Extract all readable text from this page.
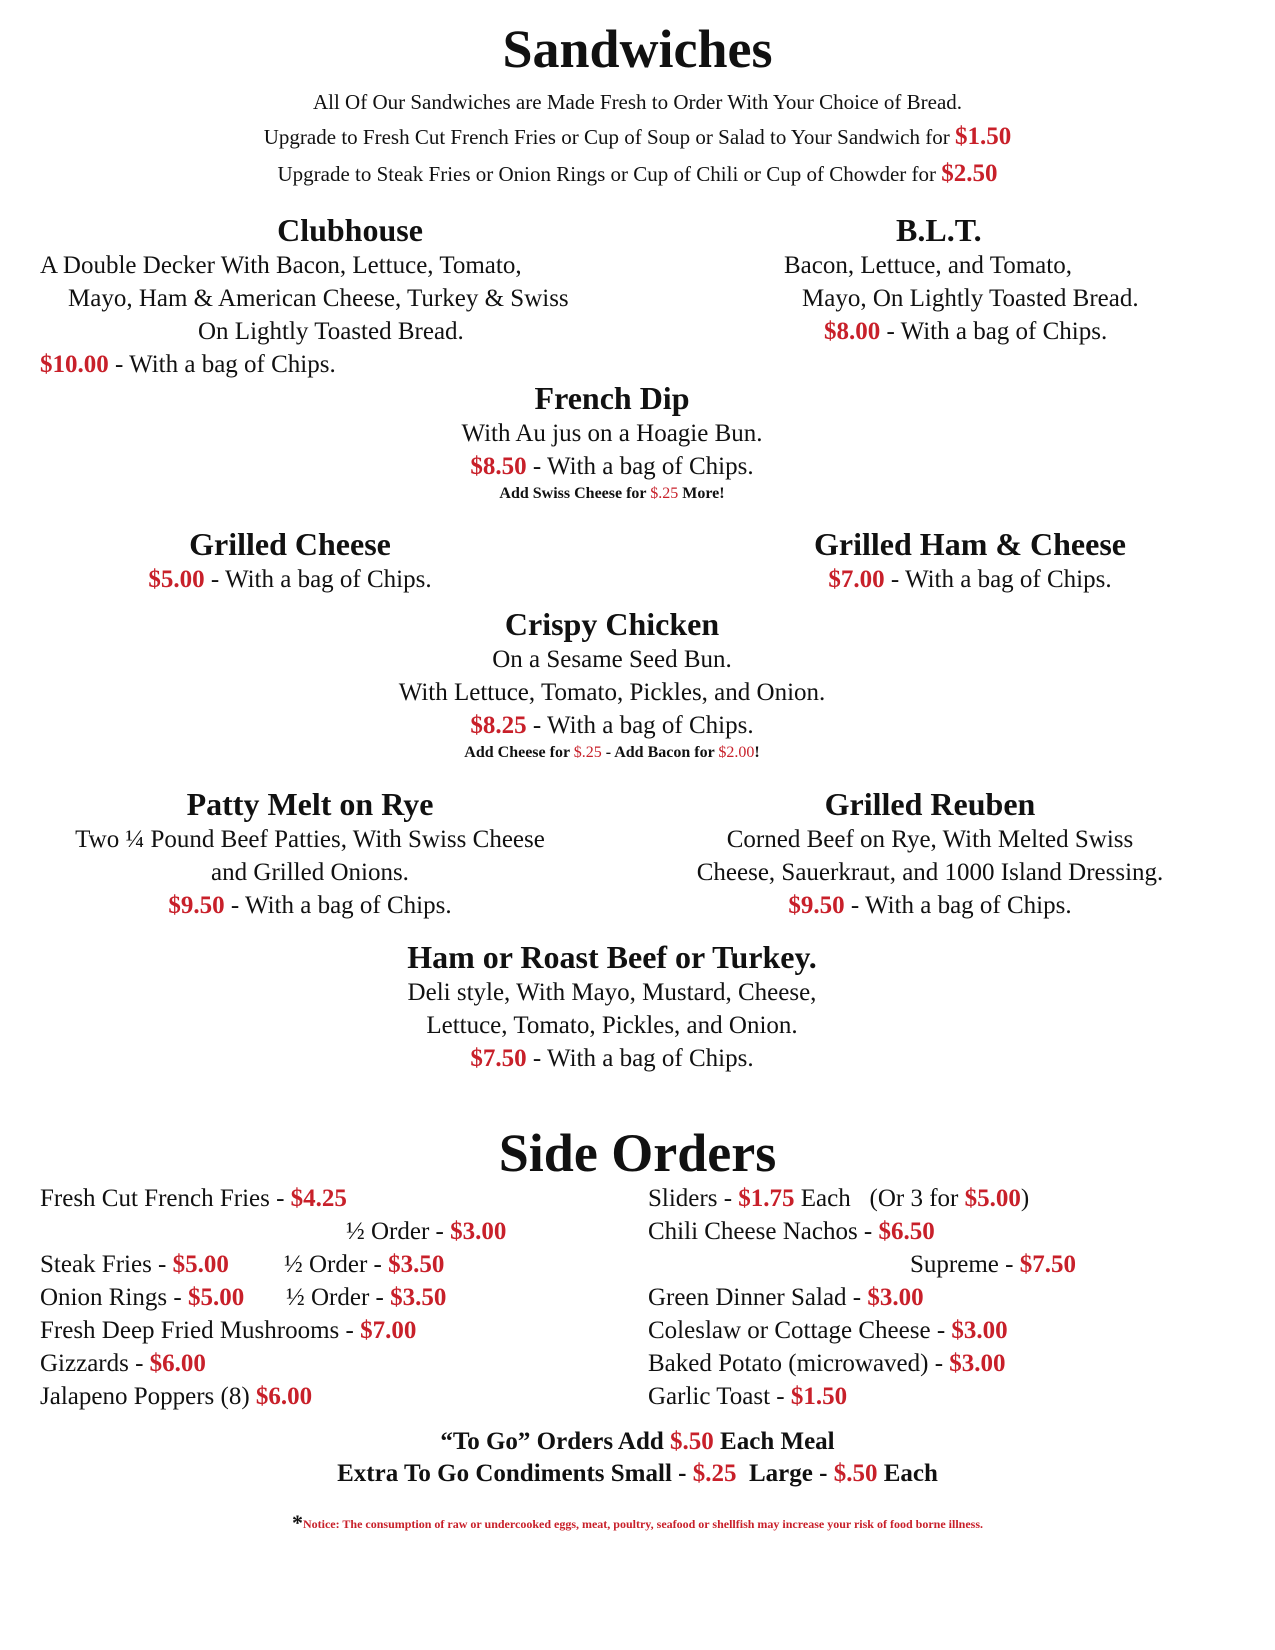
Sandwiches
All Of Our Sandwiches are Made Fresh to Order With Your Choice of Bread.
Upgrade to Fresh Cut French Fries or Cup of Soup or Salad to Your Sandwich for $1.50
Upgrade to Steak Fries or Onion Rings or Cup of Chili or Cup of Chowder for $2.50
Clubhouse
A Double Decker With Bacon, Lettuce, Tomato,
Mayo, Ham & American Cheese, Turkey & Swiss
On Lightly Toasted Bread.
$10.00 - With a bag of Chips.
B.L.T.
Bacon, Lettuce, and Tomato,
Mayo, On Lightly Toasted Bread.
$8.00 - With a bag of Chips.
French Dip
With Au jus on a Hoagie Bun.
$8.50 - With a bag of Chips.
Add Swiss Cheese for $.25 More!
Grilled Cheese
$5.00 - With a bag of Chips.
Grilled Ham & Cheese
$7.00 - With a bag of Chips.
Crispy Chicken
On a Sesame Seed Bun.
With Lettuce, Tomato, Pickles, and Onion.
$8.25 - With a bag of Chips.
Add Cheese for $.25 - Add Bacon for $2.00!
Patty Melt on Rye
Two ¼ Pound Beef Patties, With Swiss Cheese
and Grilled Onions.
$9.50 - With a bag of Chips.
Grilled Reuben
Corned Beef on Rye, With Melted Swiss
Cheese, Sauerkraut, and 1000 Island Dressing.
$9.50 - With a bag of Chips.
Ham or Roast Beef or Turkey.
Deli style, With Mayo, Mustard, Cheese,
Lettuce, Tomato, Pickles, and Onion.
$7.50 - With a bag of Chips.
Side Orders
Fresh Cut French Fries - $4.25
½ Order - $3.00
Steak Fries - $5.00 ½ Order - $3.50
Onion Rings - $5.00 ½ Order - $3.50
Fresh Deep Fried Mushrooms - $7.00
Gizzards - $6.00
Jalapeno Poppers (8) $6.00
Sliders - $1.75 Each   (Or 3 for $5.00)
Chili Cheese Nachos - $6.50
Supreme - $7.50
Green Dinner Salad - $3.00
Coleslaw or Cottage Cheese - $3.00
Baked Potato (microwaved) - $3.00
Garlic Toast - $1.50
“To Go” Orders Add $.50 Each Meal
Extra To Go Condiments Small - $.25  Large - $.50 Each
*Notice: The consumption of raw or undercooked eggs, meat, poultry, seafood or shellfish may increase your risk of food borne illness.
